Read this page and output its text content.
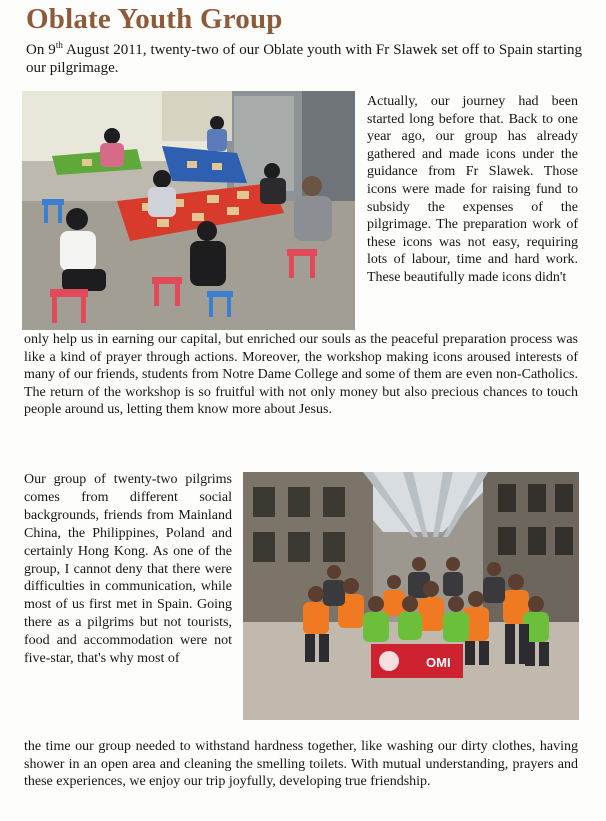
Oblate Youth Group

On 9th August 2011, twenty-two of our Oblate youth with Fr Slawek set off to Spain starting our pilgrimage.

Actually, our journey had been started long before that. Back to one year ago, our group has already gathered and made icons under the guidance from Fr Slawek. Those icons were made for raising fund to subsidy the expenses of the pilgrimage. The preparation work of these icons was not easy, requiring lots of labour, time and hard work. These beautifully made icons didn't

only help us in earning our capital, but enriched our souls as the peaceful preparation process was like a kind of prayer through actions. Moreover, the workshop making icons aroused interests of many of our friends, students from Notre Dame College and some of them are even non-Catholics. The return of the workshop is so fruitful with not only money but also precious chances to touch people around us, letting them know more about Jesus.

Our group of twenty-two pilgrims comes from different social backgrounds, friends from Mainland China, the Philippines, Poland and certainly Hong Kong. As one of the group, I cannot deny that there were difficulties in communication, while most of us first met in Spain. Going there as a pilgrims but not tourists, food and accommodation were not five-star, that's why most of	OMI

the time our group needed to withstand hardness together, like washing our dirty clothes, having shower in an open area and cleaning the smelling toilets. With mutual understanding, prayers and these experiences, we enjoy our trip joyfully, developing true friendship.
